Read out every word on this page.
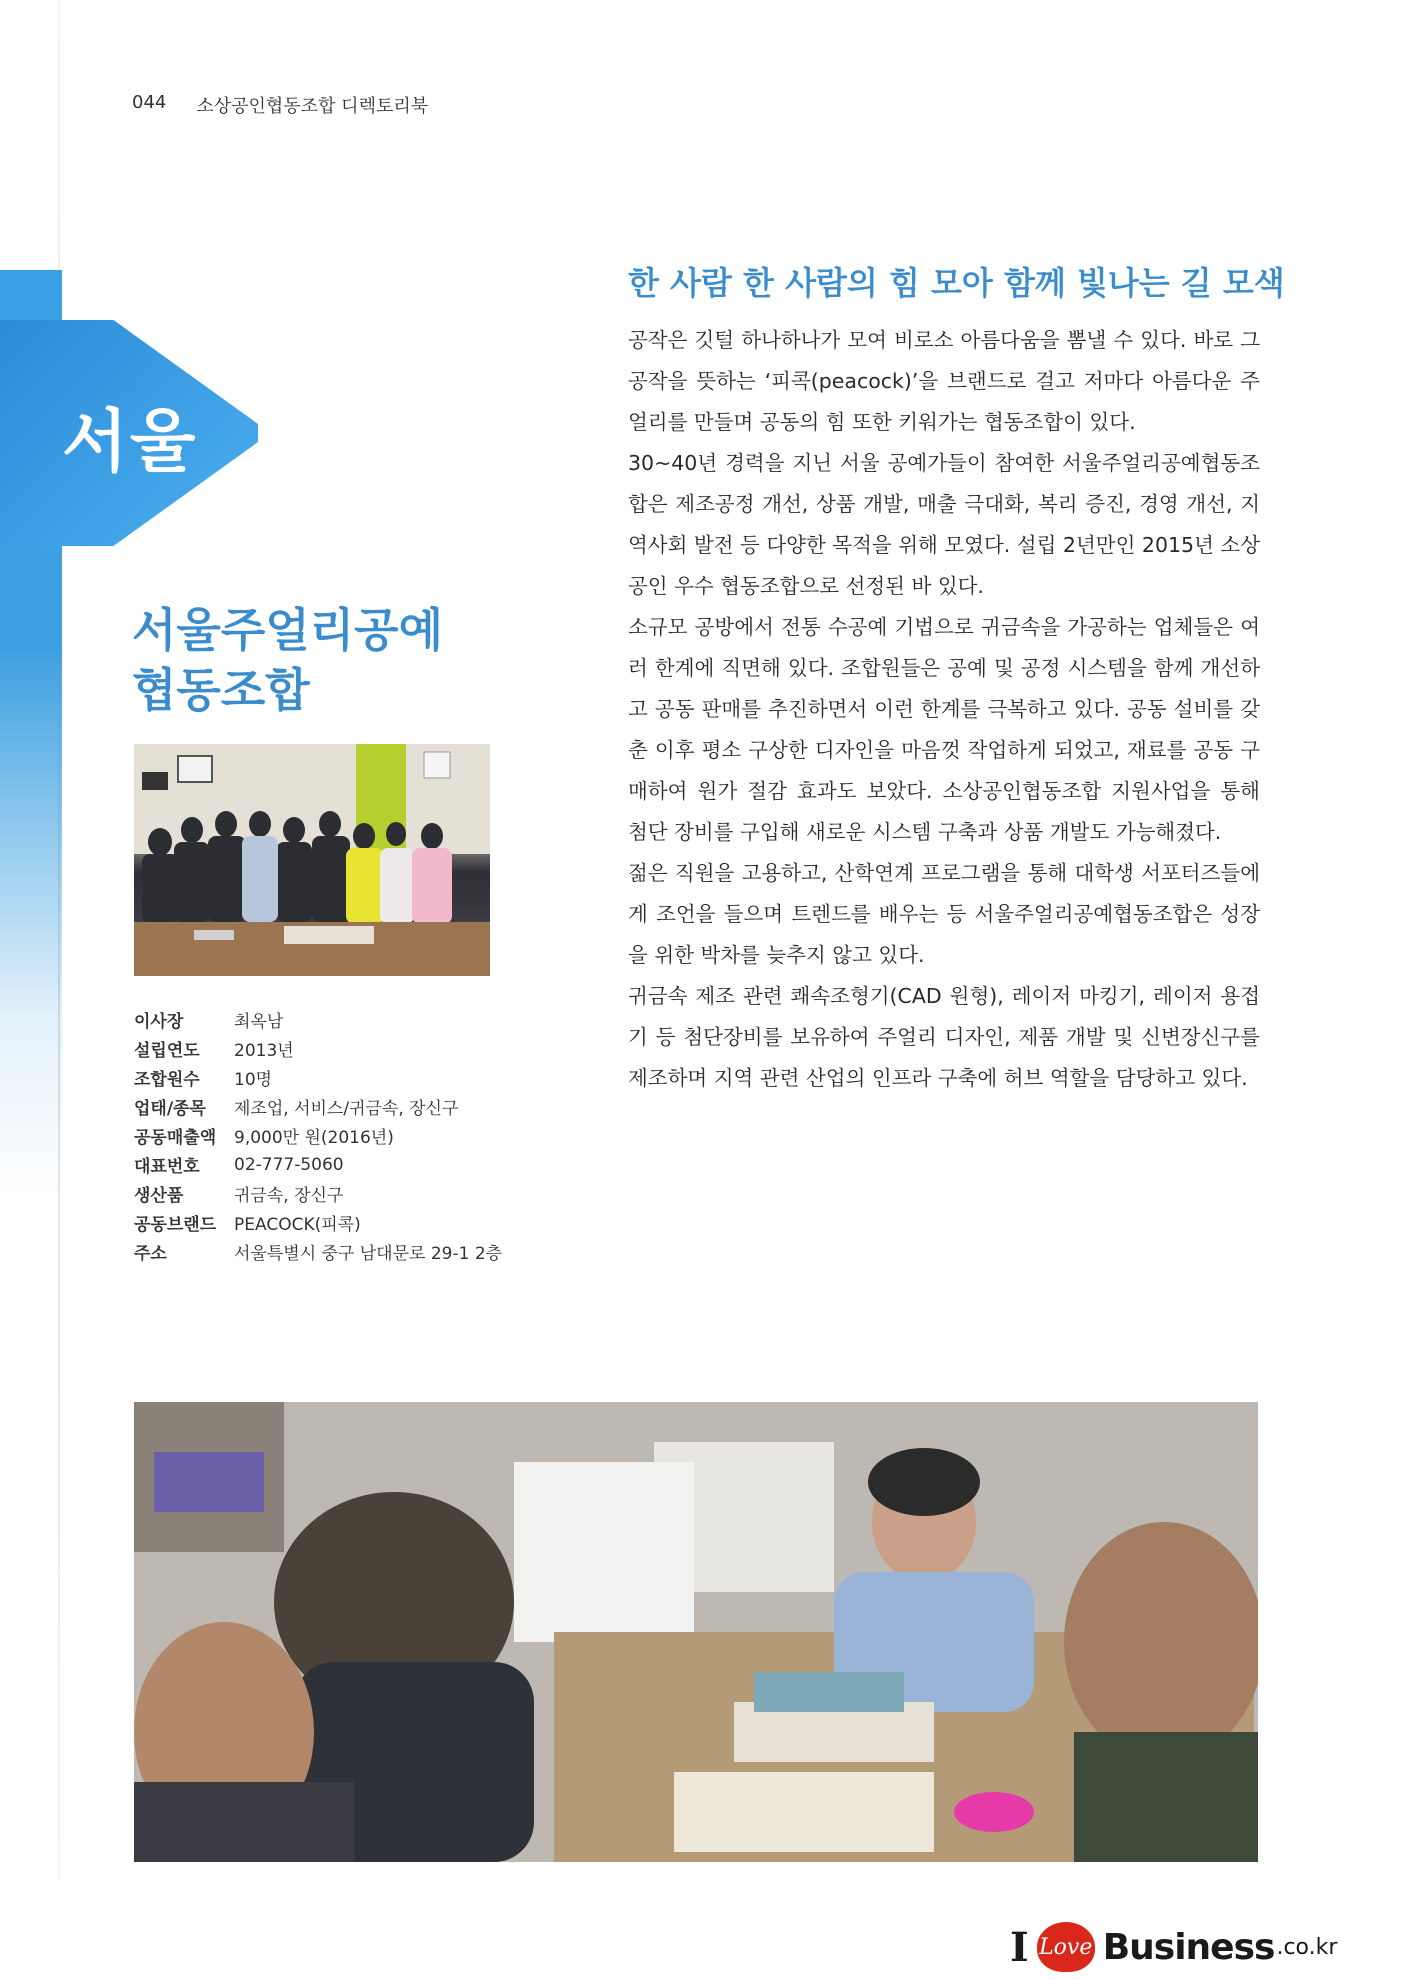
044 소상공인협동조합 디렉토리북
서울
서울주얼리공예
협동조합
이사장	최옥남
설립연도	2013년
조합원수	10명
업태/종목	제조업, 서비스/귀금속, 장신구
공동매출액	9,000만 원(2016년)
대표번호	02-777-5060
생산품	귀금속, 장신구
공동브랜드	PEACOCK(피콕)
주소	서울특별시 중구 남대문로 29-1 2층
한 사람 한 사람의 힘 모아 함께 빛나는 길 모색

공작은 깃털 하나하나가 모여 비로소 아름다움을 뽐낼 수 있다. 바로 그 공작을 뜻하는 ‘피콕(peacock)’을 브랜드로 걸고 저마다 아름다운 주얼리를 만들며 공동의 힘 또한 키워가는 협동조합이 있다.

30~40년 경력을 지닌 서울 공예가들이 참여한 서울주얼리공예협동조합은 제조공정 개선, 상품 개발, 매출 극대화, 복리 증진, 경영 개선, 지역사회 발전 등 다양한 목적을 위해 모였다. 설립 2년만인 2015년 소상공인 우수 협동조합으로 선정된 바 있다.

소규모 공방에서 전통 수공예 기법으로 귀금속을 가공하는 업체들은 여러 한계에 직면해 있다. 조합원들은 공예 및 공정 시스템을 함께 개선하고 공동 판매를 추진하면서 이런 한계를 극복하고 있다. 공동 설비를 갖춘 이후 평소 구상한 디자인을 마음껏 작업하게 되었고, 재료를 공동 구매하여 원가 절감 효과도 보았다. 소상공인협동조합 지원사업을 통해 첨단 장비를 구입해 새로운 시스템 구축과 상품 개발도 가능해졌다.

젊은 직원을 고용하고, 산학연계 프로그램을 통해 대학생 서포터즈들에게 조언을 들으며 트렌드를 배우는 등 서울주얼리공예협동조합은 성장을 위한 박차를 늦추지 않고 있다.

귀금속 제조 관련 쾌속조형기(CAD 원형), 레이저 마킹기, 레이저 용접기 등 첨단장비를 보유하여 주얼리 디자인, 제품 개발 및 신변장신구를 제조하며 지역 관련 산업의 인프라 구축에 허브 역할을 담당하고 있다.

I Love Business .co.kr
